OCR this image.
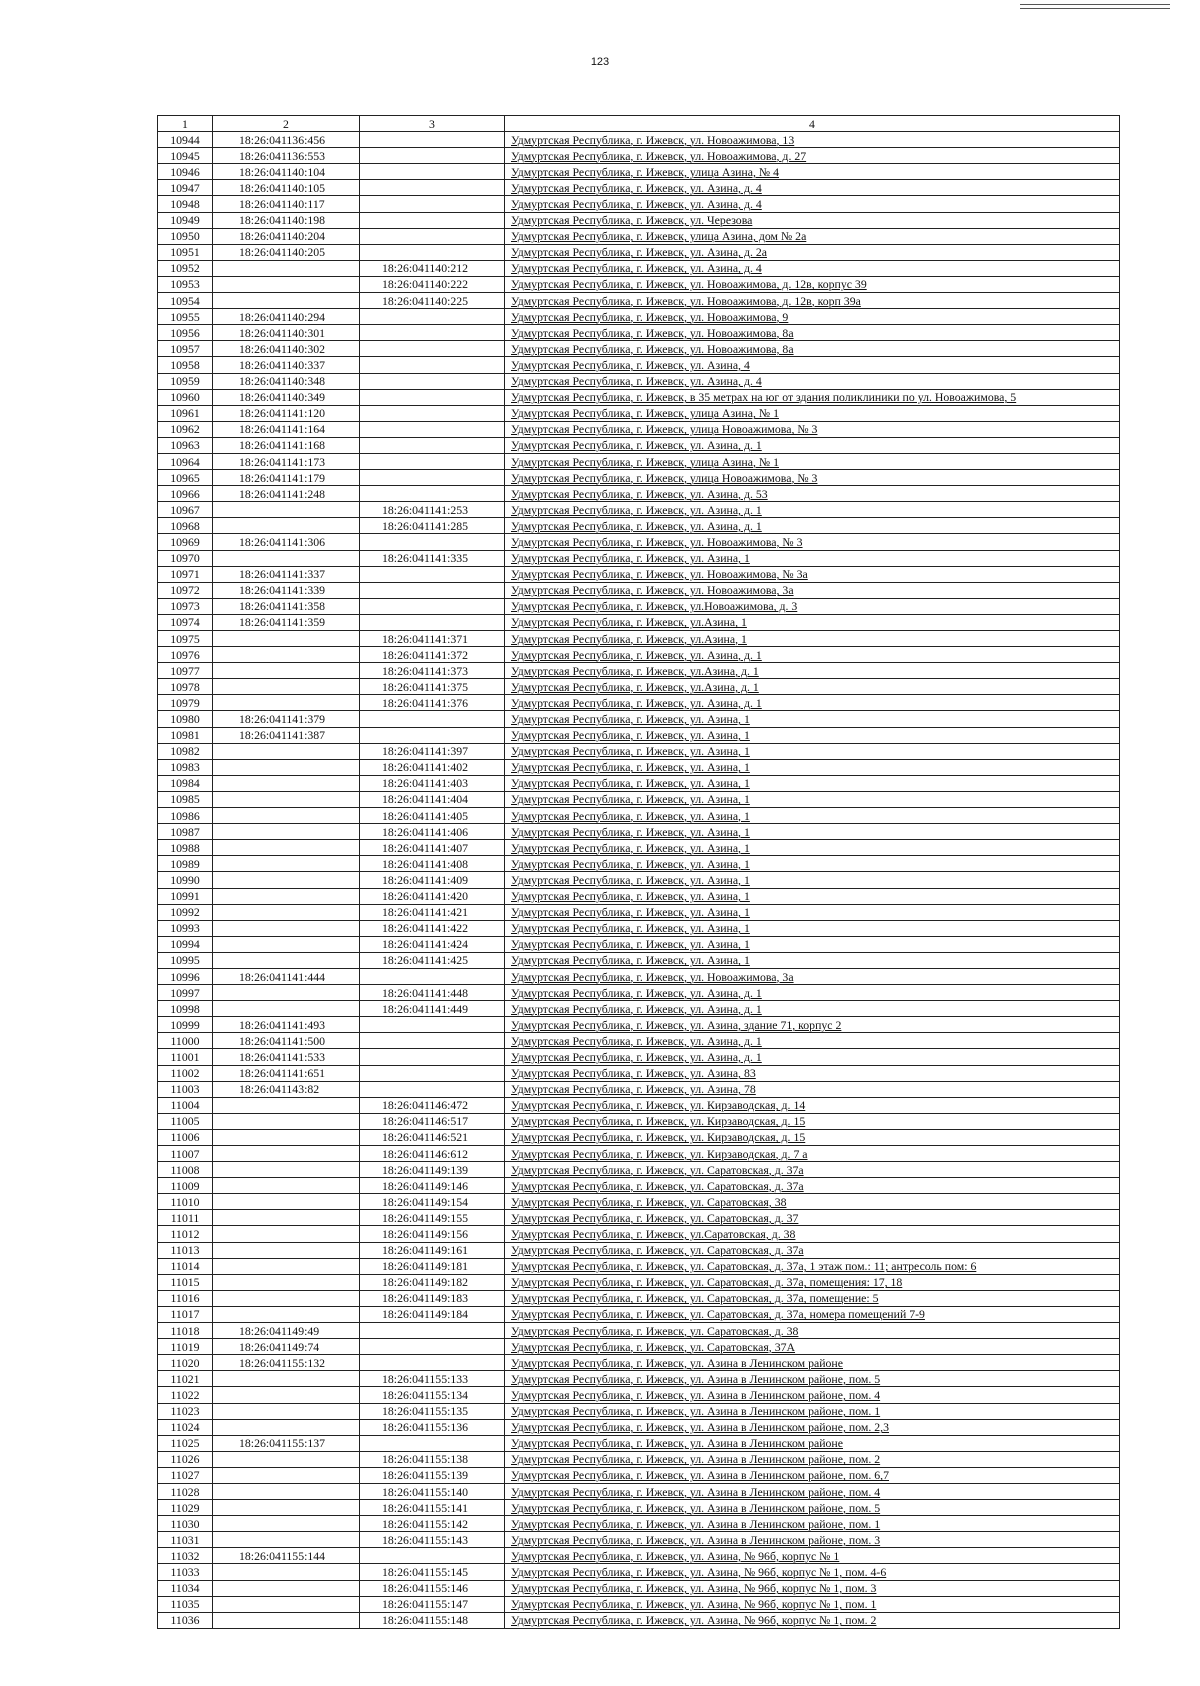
123
1	2	3	4
10944	18:26:041136:456		Удмуртская Республика, г. Ижевск, ул. Новоажимова, 13
10945	18:26:041136:553		Удмуртская Республика, г. Ижевск, ул. Новоажимова, д. 27
10946	18:26:041140:104		Удмуртская Республика, г. Ижевск, улица Азина, № 4
10947	18:26:041140:105		Удмуртская Республика, г. Ижевск, ул. Азина, д. 4
10948	18:26:041140:117		Удмуртская Республика, г. Ижевск, ул. Азина, д. 4
10949	18:26:041140:198		Удмуртская Республика, г. Ижевск, ул. Черезова
10950	18:26:041140:204		Удмуртская Республика, г. Ижевск, улица Азина, дом № 2а
10951	18:26:041140:205		Удмуртская Республика, г. Ижевск, ул. Азина, д. 2а
10952		18:26:041140:212	Удмуртская Республика, г. Ижевск, ул. Азина, д. 4
10953		18:26:041140:222	Удмуртская Республика, г. Ижевск, ул. Новоажимова, д. 12в, корпус 39
10954		18:26:041140:225	Удмуртская Республика, г. Ижевск, ул. Новоажимова, д. 12в, корп 39а
10955	18:26:041140:294		Удмуртская Республика, г. Ижевск, ул. Новоажимова, 9
10956	18:26:041140:301		Удмуртская Республика, г. Ижевск, ул. Новоажимова, 8а
10957	18:26:041140:302		Удмуртская Республика, г. Ижевск, ул. Новоажимова, 8а
10958	18:26:041140:337		Удмуртская Республика, г. Ижевск, ул. Азина, 4
10959	18:26:041140:348		Удмуртская Республика, г. Ижевск, ул. Азина, д. 4
10960	18:26:041140:349		Удмуртская Республика, г. Ижевск, в 35 метрах на юг от здания поликлиники по ул. Новоажимова, 5
10961	18:26:041141:120		Удмуртская Республика, г. Ижевск, улица Азина, № 1
10962	18:26:041141:164		Удмуртская Республика, г. Ижевск, улица Новоажимова, № 3
10963	18:26:041141:168		Удмуртская Республика, г. Ижевск, ул. Азина, д. 1
10964	18:26:041141:173		Удмуртская Республика, г. Ижевск, улица Азина, № 1
10965	18:26:041141:179		Удмуртская Республика, г. Ижевск, улица Новоажимова, № 3
10966	18:26:041141:248		Удмуртская Республика, г. Ижевск, ул. Азина, д. 53
10967		18:26:041141:253	Удмуртская Республика, г. Ижевск, ул. Азина, д. 1
10968		18:26:041141:285	Удмуртская Республика, г. Ижевск, ул. Азина, д. 1
10969	18:26:041141:306		Удмуртская Республика, г. Ижевск, ул. Новоажимова, № 3
10970		18:26:041141:335	Удмуртская Республика, г. Ижевск, ул. Азина, 1
10971	18:26:041141:337		Удмуртская Республика, г. Ижевск, ул. Новоажимова, № 3а
10972	18:26:041141:339		Удмуртская Республика, г. Ижевск, ул. Новоажимова, 3а
10973	18:26:041141:358		Удмуртская Республика, г. Ижевск, ул.Новоажимова, д. 3
10974	18:26:041141:359		Удмуртская Республика, г. Ижевск, ул.Азина, 1
10975		18:26:041141:371	Удмуртская Республика, г. Ижевск, ул.Азина, 1
10976		18:26:041141:372	Удмуртская Республика, г. Ижевск, ул. Азина, д. 1
10977		18:26:041141:373	Удмуртская Республика, г. Ижевск, ул.Азина, д. 1
10978		18:26:041141:375	Удмуртская Республика, г. Ижевск, ул.Азина, д. 1
10979		18:26:041141:376	Удмуртская Республика, г. Ижевск, ул. Азина, д. 1
10980	18:26:041141:379		Удмуртская Республика, г. Ижевск, ул. Азина, 1
10981	18:26:041141:387		Удмуртская Республика, г. Ижевск, ул. Азина, 1
10982		18:26:041141:397	Удмуртская Республика, г. Ижевск, ул. Азина, 1
10983		18:26:041141:402	Удмуртская Республика, г. Ижевск, ул. Азина, 1
10984		18:26:041141:403	Удмуртская Республика, г. Ижевск, ул. Азина, 1
10985		18:26:041141:404	Удмуртская Республика, г. Ижевск, ул. Азина, 1
10986		18:26:041141:405	Удмуртская Республика, г. Ижевск, ул. Азина, 1
10987		18:26:041141:406	Удмуртская Республика, г. Ижевск, ул. Азина, 1
10988		18:26:041141:407	Удмуртская Республика, г. Ижевск, ул. Азина, 1
10989		18:26:041141:408	Удмуртская Республика, г. Ижевск, ул. Азина, 1
10990		18:26:041141:409	Удмуртская Республика, г. Ижевск, ул. Азина, 1
10991		18:26:041141:420	Удмуртская Республика, г. Ижевск, ул. Азина, 1
10992		18:26:041141:421	Удмуртская Республика, г. Ижевск, ул. Азина, 1
10993		18:26:041141:422	Удмуртская Республика, г. Ижевск, ул. Азина, 1
10994		18:26:041141:424	Удмуртская Республика, г. Ижевск, ул. Азина, 1
10995		18:26:041141:425	Удмуртская Республика, г. Ижевск, ул. Азина, 1
10996	18:26:041141:444		Удмуртская Республика, г. Ижевск, ул. Новоажимова, 3а
10997		18:26:041141:448	Удмуртская Республика, г. Ижевск, ул. Азина, д. 1
10998		18:26:041141:449	Удмуртская Республика, г. Ижевск, ул. Азина, д. 1
10999	18:26:041141:493		Удмуртская Республика, г. Ижевск, ул. Азина, здание 71, корпус 2
11000	18:26:041141:500		Удмуртская Республика, г. Ижевск, ул. Азина, д. 1
11001	18:26:041141:533		Удмуртская Республика, г. Ижевск, ул. Азина, д. 1
11002	18:26:041141:651		Удмуртская Республика, г. Ижевск, ул. Азина, 83
11003	18:26:041143:82		Удмуртская Республика, г. Ижевск, ул. Азина, 78
11004		18:26:041146:472	Удмуртская Республика, г. Ижевск, ул. Кирзаводская, д. 14
11005		18:26:041146:517	Удмуртская Республика, г. Ижевск, ул. Кирзаводская, д. 15
11006		18:26:041146:521	Удмуртская Республика, г. Ижевск, ул. Кирзаводская, д. 15
11007		18:26:041146:612	Удмуртская Республика, г. Ижевск, ул. Кирзаводская, д. 7 а
11008		18:26:041149:139	Удмуртская Республика, г. Ижевск, ул. Саратовская, д. 37а
11009		18:26:041149:146	Удмуртская Республика, г. Ижевск, ул. Саратовская, д. 37а
11010		18:26:041149:154	Удмуртская Республика, г. Ижевск, ул. Саратовская, 38
11011		18:26:041149:155	Удмуртская Республика, г. Ижевск, ул. Саратовская, д. 37
11012		18:26:041149:156	Удмуртская Республика, г. Ижевск, ул.Саратовская, д. 38
11013		18:26:041149:161	Удмуртская Республика, г. Ижевск, ул. Саратовская, д. 37а
11014		18:26:041149:181	Удмуртская Республика, г. Ижевск, ул. Саратовская, д. 37а, 1 этаж пом.: 11; антресоль пом: 6
11015		18:26:041149:182	Удмуртская Республика, г. Ижевск, ул. Саратовская, д. 37а, помещения: 17, 18
11016		18:26:041149:183	Удмуртская Республика, г. Ижевск, ул. Саратовская, д. 37а, помещение: 5
11017		18:26:041149:184	Удмуртская Республика, г. Ижевск, ул. Саратовская, д. 37а, номера помещений 7-9
11018	18:26:041149:49		Удмуртская Республика, г. Ижевск, ул. Саратовская, д. 38
11019	18:26:041149:74		Удмуртская Республика, г. Ижевск, ул. Саратовская, 37А
11020	18:26:041155:132		Удмуртская Республика, г. Ижевск, ул. Азина в Ленинском районе
11021		18:26:041155:133	Удмуртская Республика, г. Ижевск, ул. Азина в Ленинском районе, пом. 5
11022		18:26:041155:134	Удмуртская Республика, г. Ижевск, ул. Азина в Ленинском районе, пом. 4
11023		18:26:041155:135	Удмуртская Республика, г. Ижевск, ул. Азина в Ленинском районе, пом. 1
11024		18:26:041155:136	Удмуртская Республика, г. Ижевск, ул. Азина в Ленинском районе, пом. 2,3
11025	18:26:041155:137		Удмуртская Республика, г. Ижевск, ул. Азина в Ленинском районе
11026		18:26:041155:138	Удмуртская Республика, г. Ижевск, ул. Азина в Ленинском районе, пом. 2
11027		18:26:041155:139	Удмуртская Республика, г. Ижевск, ул. Азина в Ленинском районе, пом. 6,7
11028		18:26:041155:140	Удмуртская Республика, г. Ижевск, ул. Азина в Ленинском районе, пом. 4
11029		18:26:041155:141	Удмуртская Республика, г. Ижевск, ул. Азина в Ленинском районе, пом. 5
11030		18:26:041155:142	Удмуртская Республика, г. Ижевск, ул. Азина в Ленинском районе, пом. 1
11031		18:26:041155:143	Удмуртская Республика, г. Ижевск, ул. Азина в Ленинском районе, пом. 3
11032	18:26:041155:144		Удмуртская Республика, г. Ижевск, ул. Азина, № 96б, корпус № 1
11033		18:26:041155:145	Удмуртская Республика, г. Ижевск, ул. Азина, № 96б, корпус № 1, пом. 4-6
11034		18:26:041155:146	Удмуртская Республика, г. Ижевск, ул. Азина, № 96б, корпус № 1, пом. 3
11035		18:26:041155:147	Удмуртская Республика, г. Ижевск, ул. Азина, № 96б, корпус № 1, пом. 1
11036		18:26:041155:148	Удмуртская Республика, г. Ижевск, ул. Азина, № 96б, корпус № 1, пом. 2
